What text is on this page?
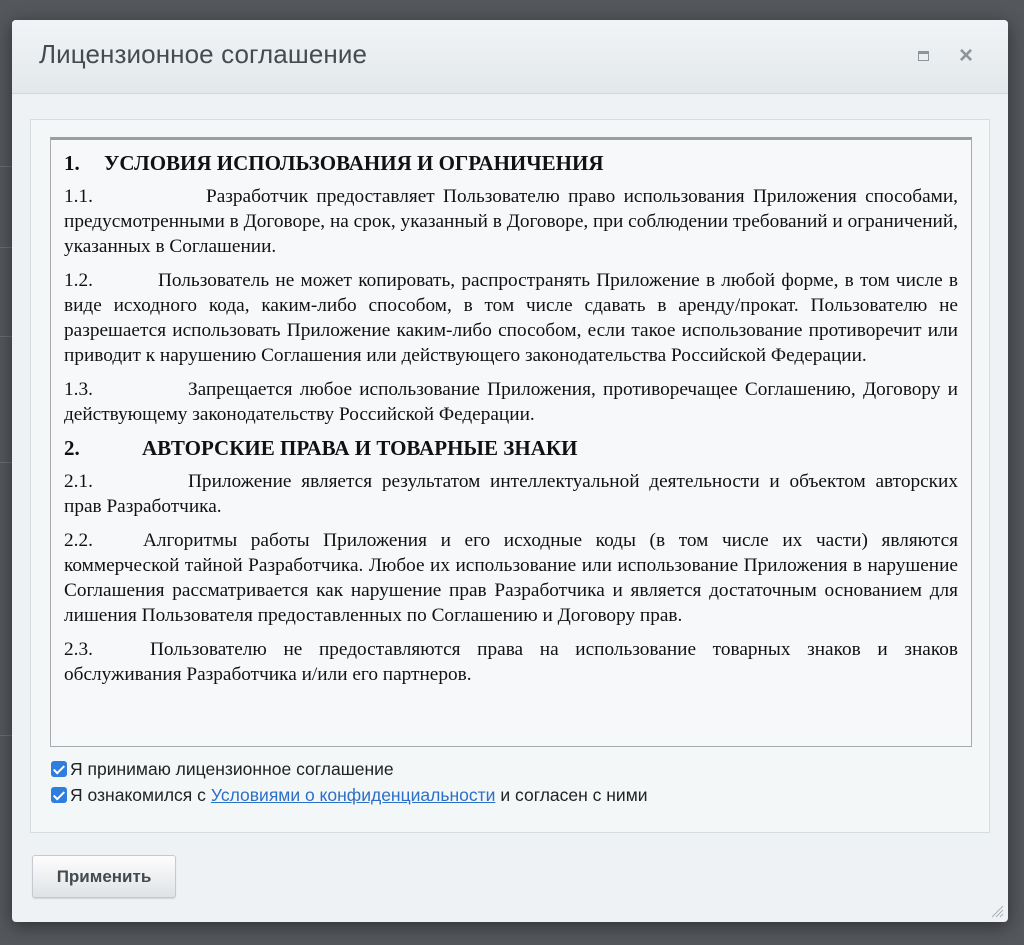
Лицензионное соглашение	×
1. УСЛОВИЯ ИСПОЛЬЗОВАНИЯ И ОГРАНИЧЕНИЯ

1.1.	Разработчик предоставляет Пользователю право использования Приложения способами, предусмотренными в Договоре, на срок, указанный в Договоре, при соблюдении требований и ограничений, указанных в Соглашении.

1.2.	Пользователь не может копировать, распространять Приложение в любой форме, в том числе в виде исходного кода, каким-либо способом, в том числе сдавать в аренду/прокат. Пользователю не разрешается использовать Приложение каким-либо способом, если такое использование противоречит или приводит к нарушению Соглашения или действующего законодательства Российской Федерации.

1.3.	Запрещается любое использование Приложения, противоречащее Соглашению, Договору и действующему законодательству Российской Федерации.

2.	АВТОРСКИЕ ПРАВА И ТОВАРНЫЕ ЗНАКИ

2.1.	Приложение является результатом интеллектуальной деятельности и объектом авторских прав Разработчика.

2.2.	Алгоритмы работы Приложения и его исходные коды (в том числе их части) являются коммерческой тайной Разработчика. Любое их использование или использование Приложения в нарушение Соглашения рассматривается как нарушение прав Разработчика и является достаточным основанием для лишения Пользователя предоставленных по Соглашению и Договору прав.

2.3.	Пользователю не предоставляются права на использование товарных знаков и знаков обслуживания Разработчика и/или его партнеров.

Я принимаю лицензионное соглашение
Я ознакомился с Условиями о конфиденциальности и согласен с ними
Применить
